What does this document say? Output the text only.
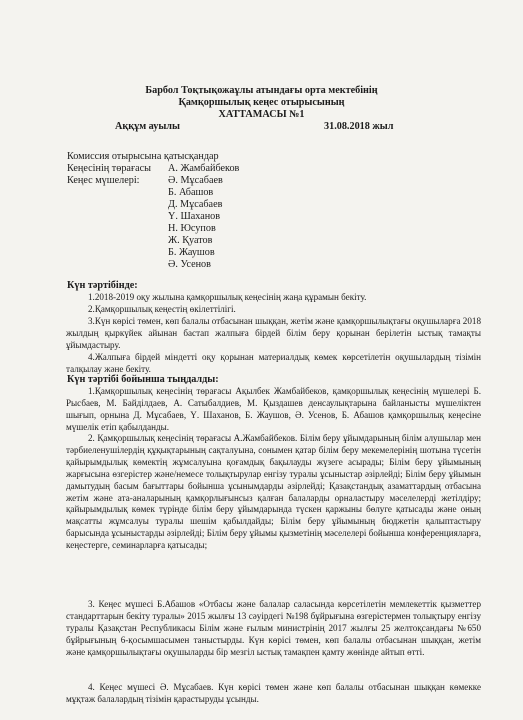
Барбол Тоқтықожаұлы атындағы орта мектебінің

Қамқоршылық кеңес отырысының

ХАТТАМАСЫ №1

Аққұм ауылы	31.08.2018 жыл

Комиссия отырысына қатысқандар

Кеңесінің төрағасы А. Жамбайбеков

Кеңес мүшелері:	Ә. Мұсабаев

Б. Абашов

Д. Мұсабаев

Ү. Шаханов

Н. Юсупов

Ж. Қуатов

Б. Жаушов

Ә. Усенов

Күн тәртібінде:

1.2018-2019 оқу жылына қамқоршылық кеңесінің жаңа құрамын бекіту.

2.Қамқоршылық кеңестің өкілеттілігі.

3.Күн көрісі төмен, көп балалы отбасынан шыққан, жетім және қамқоршылықтағы оқушыларға 2018 жылдың қыркүйек айынан бастап жалпыға бірдей білім беру қорынан берілетін ыстық тамақты ұйымдастыру.

4.Жалпыға бірдей міндетті оқу қорынан материалдық көмек көрсетілетін оқушылардың тізімін талқылау және бекіту.

Күн тәртібі бойынша тыңдалды:

1.Қамқоршылық кеңесінің төрағасы Ақылбек Жамбайбеков, қамқоршылық кеңесінің мүшелері Б. Рысбаев, М. Байділдаев, А. Сатыбалдиев, М. Қыздашев денсаулықтарына байланысты мүшеліктен шығып, орнына Д. Мұсабаев, Ү. Шаханов, Б. Жаушов, Ә. Усенов, Б. Абашов қамқоршылық кеңесіне мүшелік етіп қабылданды.

2. Қамқоршылық кеңесінің төрағасы А.Жамбайбеков. Білім беру ұйымдарының білім алушылар мен тәрбиеленушілердің құқықтарының сақталуына, сонымен қатар білім беру мекемелерінің шотына түсетін қайырымдылық көмектің жұмсалуына қоғамдық бақылауды жүзеге асырады; Білім беру ұйымының жарғысына өзгерістер және/немесе толықтырулар енгізу туралы ұсыныстар әзірлейді; Білім беру ұйымын дамытудың басым бағыттары бойынша ұсынымдарды әзірлейді; Қазақстандық азаматтардың отбасына жетім және ата-аналарының қамқорлығынсыз қалған балаларды орналастыру мәселелерді жетілдіру; қайырымдылық көмек түрінде білім беру ұйымдарында түскен қаржыны бөлуге қатысады және оның мақсатты жұмсалуы туралы шешім қабылдайды; Білім беру ұйымының бюджетін қалыптастыру барысында ұсыныстарды әзірлейді; Білім беру ұйымы қызметінің мәселелері бойынша конференцияларға, кеңестерге, семинарларға қатысады;

3. Кеңес мүшесі Б.Абашов «Отбасы және балалар саласында көрсетілетін мемлекеттік қызметтер стандарттарын бекіту туралы» 2015 жылғы 13 сәуірдегі №198 бұйрығына өзгерістермен толықтыру енгізу туралы Қазақстан Республикасы Білім және ғылым министрінің 2017 жылғы 25 желтоқсандағы №650 бұйрығының 6-қосымшасымен таныстырды. Күн көрісі төмен, көп балалы отбасынан шыққан, жетім және қамқоршылықтағы оқушыларды бір мезгіл ыстық тамақпен қамту жөнінде айтып өтті.

4. Кеңес мүшесі Ә. Мұсабаев. Күн көрісі төмен және көп балалы отбасынан шыққан көмекке мұқтаж балалардың тізімін қарастыруды ұсынды.
